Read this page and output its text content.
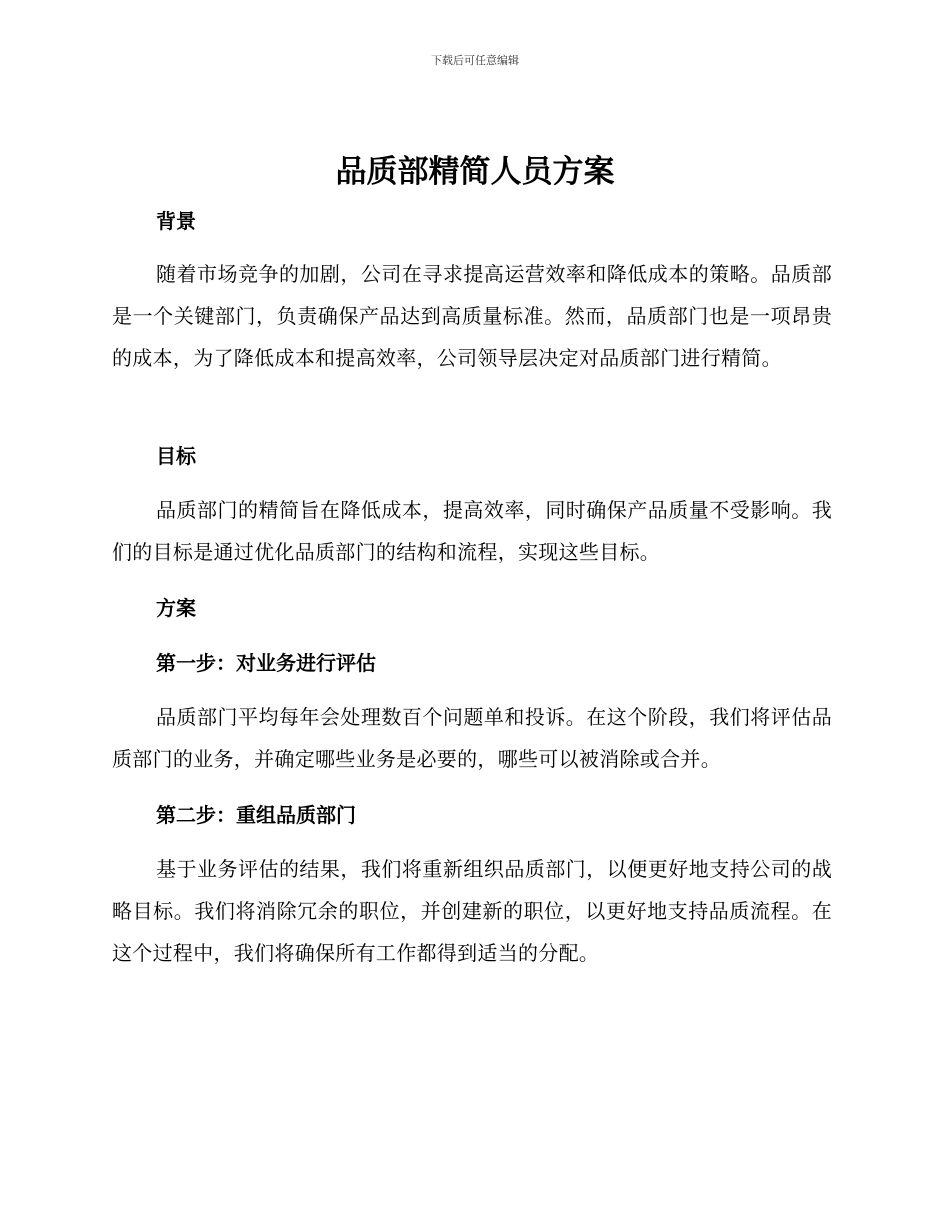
下载后可任意编辑
品质部精简人员方案
背景

随着市场竞争的加剧，公司在寻求提高运营效率和降低成本的策略。品质部是一个关键部门，负责确保产品达到高质量标准。然而，品质部门也是一项昂贵的成本，为了降低成本和提高效率，公司领导层决定对品质部门进行精简。

目标

品质部门的精简旨在降低成本，提高效率，同时确保产品质量不受影响。我们的目标是通过优化品质部门的结构和流程，实现这些目标。

方案
第一步：对业务进行评估

品质部门平均每年会处理数百个问题单和投诉。在这个阶段，我们将评估品质部门的业务，并确定哪些业务是必要的，哪些可以被消除或合并。

第二步：重组品质部门

基于业务评估的结果，我们将重新组织品质部门，以便更好地支持公司的战略目标。我们将消除冗余的职位，并创建新的职位，以更好地支持品质流程。在这个过程中，我们将确保所有工作都得到适当的分配。
